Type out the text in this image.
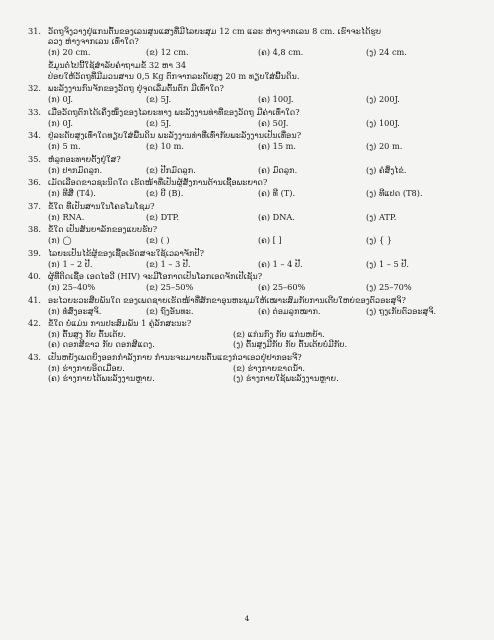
31. ວັດຖຸຈິງວາງຢູ່ແກນຕົ້ນຂອງເລນສູນແສງທີ່ມີໄລຍະສຸມ 12 cm ແລະ ຫ່າງຈາກເລນ 8 cm. ເຮົາຈະໄດ້ຮູບ
ລວງ ຫ່າງຈາກເລນ ເທົ່າໃດ?
(ກ) 20 cm.	(ຂ) 12 cm.	(ຄ) 4,8 cm.	(ງ) 24 cm.
ຂໍ້ມູນຕໍ່ໄປນີ້ໃຊ້ສຳລັບຄຳຖາມຂໍ້ 32 ຫາ 34
ປ່ອຍໃຫ້ວັດຖຸທີ່ມີມວນສານ 0,5 Kg ຕົກຈາກລະດັບສູງ 20 m ທຽບໃສ່ພື້ນດິນ.
32. ພະລັງງານກົນຈັກຂອງວັດຖຸ ຢູ່ຈຸດເລີ່ມຕົ້ນຕົກ ມີເທົ່າໃດ?
(ກ) 0J.	(ຂ) 5J.	(ຄ) 100J.	(ງ) 200J.
33. ເມື່ອວັດຖຸຕົກໄດ້ເຄິ່ງໜຶ່ງຂອງໄລຍະທາງ ພະລັງງານທ່າທີ່ຂອງວັດຖຸ ມີຄ່າເທົ່າໃດ?
(ກ) 0J.	(ຂ) 5J.	(ຄ) 50J.	(ງ) 100J.
34. ຢູ່ລະດັບສູງເທົ່າໃດທຽບໃສ່ພື້ນດິນ ພະລັງງານທ່າທີ່ເທົ່າກັບພະລັງງານເປັນເທື່ອນ?
(ກ) 5 m.	(ຂ) 10 m.	(ຄ) 15 m.	(ງ) 20 m.
35. ຫໍ່ລູກອະທາຍຕັ້ງຢູ່ໃສ?
(ກ) ປາກມົດລູກ.	(ຂ) ປີກມົດລູກ.	(ຄ) ມົດລູກ.	(ງ) ຄໍສິ່ງໄຂ່.
36. ເມັດເລືອດຂາວຊະນິດໃດ ເຮັດໜ້າທີ່ເປັນຜູ້ສັ່ງການຕ້ານເຊື້ອພະຍາດ?
(ກ) ທີສີ່ (T4).	(ຂ) ບີ (B).	(ຄ) ທີ (T).	(ງ) ທີແປດ (T8).
37. ຂໍ້ໃດ ທີ່ເປັນສານໃນໂຄຣໂມໂຊມ?
(ກ) RNA.	(ຂ) DTP.	(ຄ) DNA.	(ງ) ATP.
38. ຂໍ້ໃດ ເປັນສັນຍາລັກຂອງແບບຮັບ?
(ກ) ◯	(ຂ) ( )	(ຄ) [ ]	(ງ) { }
39. ໄລຍະເປັນໄຂ້ຜູ້ຂອງເຊື້ອເອັດສຈະໃຊ້ເວລາຈັກປີ?
(ກ) 1 – 2 ປີ.	(ຂ) 1 – 3 ປີ.	(ຄ) 1 – 4 ປີ.	(ງ) 1 – 5 ປີ.
40. ຜູ້ທີ່ຕິດເຊື້ອ ເອດໄອວີ (HIV) ຈະມີໂອກາດເປັນໂລກເອດຈັກເປີເຊັນ?
(ກ) 25–40%	(ຂ) 25–50%	(ຄ) 25–60%	(ງ) 25–70%
41. ອະໄວຍະວະສືບພັນໃດ ຂອງເພດຊາຍເຮັດໜ້າທີ່ສັກຂາອຸນຫະພູມໃຫ້ເໝາະສົມກັບການເຕີບໃຫຍ່ຂອງຕົວອະສຸຈິ?
(ກ) ທໍ່ສົ່ງອະສຸຈິ.	(ຂ) ຖົງອັນທະ.	(ຄ) ຕ່ອມລູກໝາກ.	(ງ) ຖູງເກັບຕົວອະສຸຈິ.
42. ຂໍ້ໃດ ບໍ່ແມ່ນ ການປະສົມພັນ 1 ຄູ່ລັກສະນະ?
(ກ) ຕົ້ນສູງ ກັບ ຕົ້ນເຕ້ຍ.	(ຂ) ແກ່ນກົງ ກັບ ແກ່ນຫຍ້າ.
(ຄ) ດອກສີຂາວ ກັບ ດອກສີແດງ.	(ງ) ຕົ້ນສູງມີກັບ ກັບ ຕົ້ນເຕ້ຍບໍ່ມີກັບ.
43. ເປັນຫຍັງເພດຍິງອອກກຳລັງກາຍ ກຳນະຈະມາຍະຕົ້ນແຂງກ່ວາເອວຢູ່ຢາກອະຈີ?
(ກ) ຮ່າງກາຍອິດເມື່ອຍ.	(ຂ) ຮ່າງກາຍຂາດນ້ຳ.
(ຄ) ຮ່າງກາຍໄດ້ພະລັງງານຫຼາຍ.	(ງ) ຮ່າງກາຍໃຊ້ພະລັງງານຫຼາຍ.
4
